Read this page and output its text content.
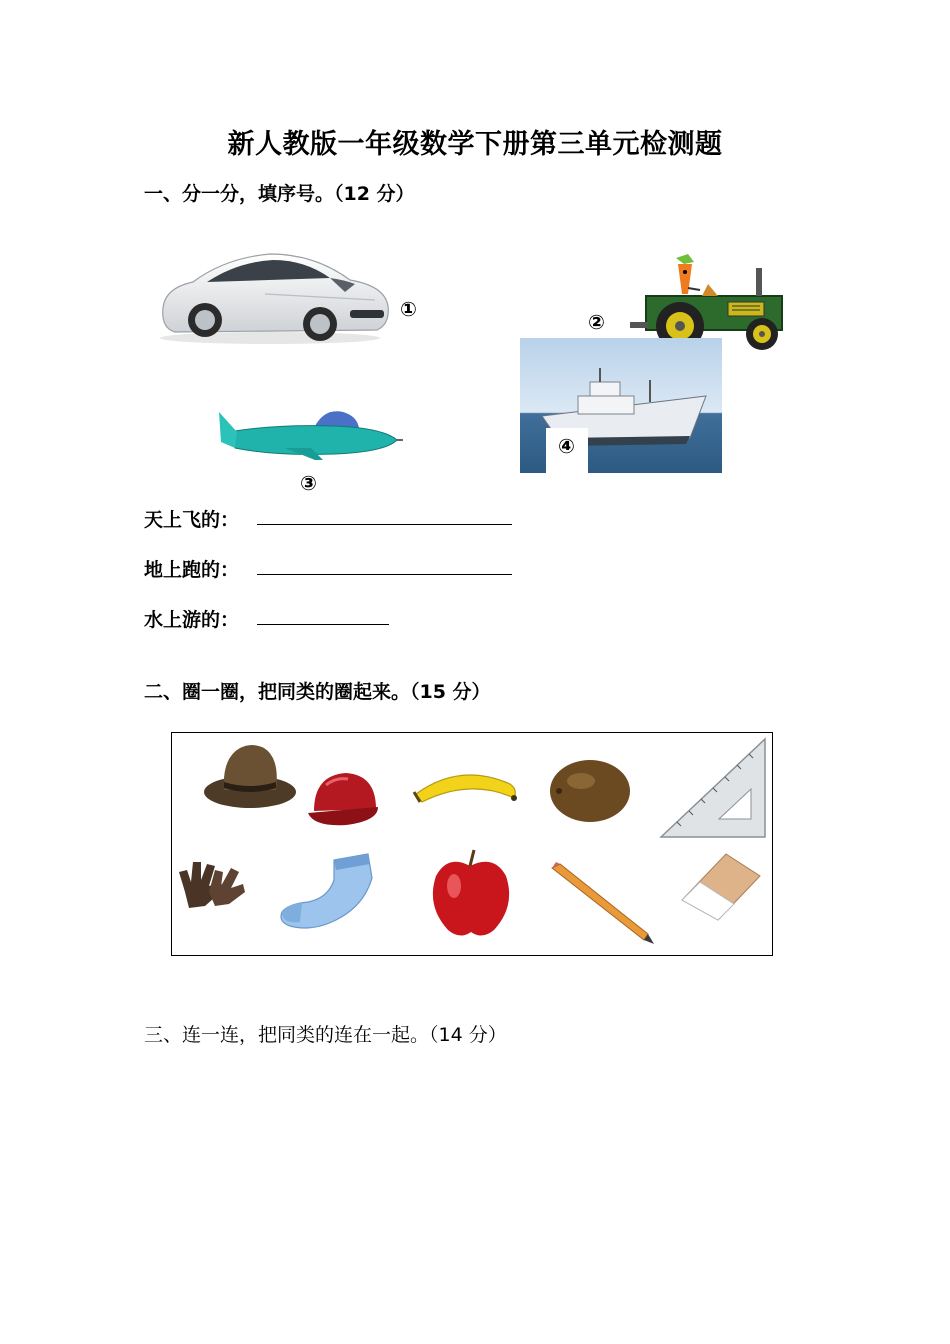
新人教版一年级数学下册第三单元检测题
一、分一分，填序号。（12 分）
①
②
③
④
天上飞的：
地上跑的：
水上游的：
二、圈一圈，把同类的圈起来。（15 分）
三、连一连，把同类的连在一起。（14 分）
